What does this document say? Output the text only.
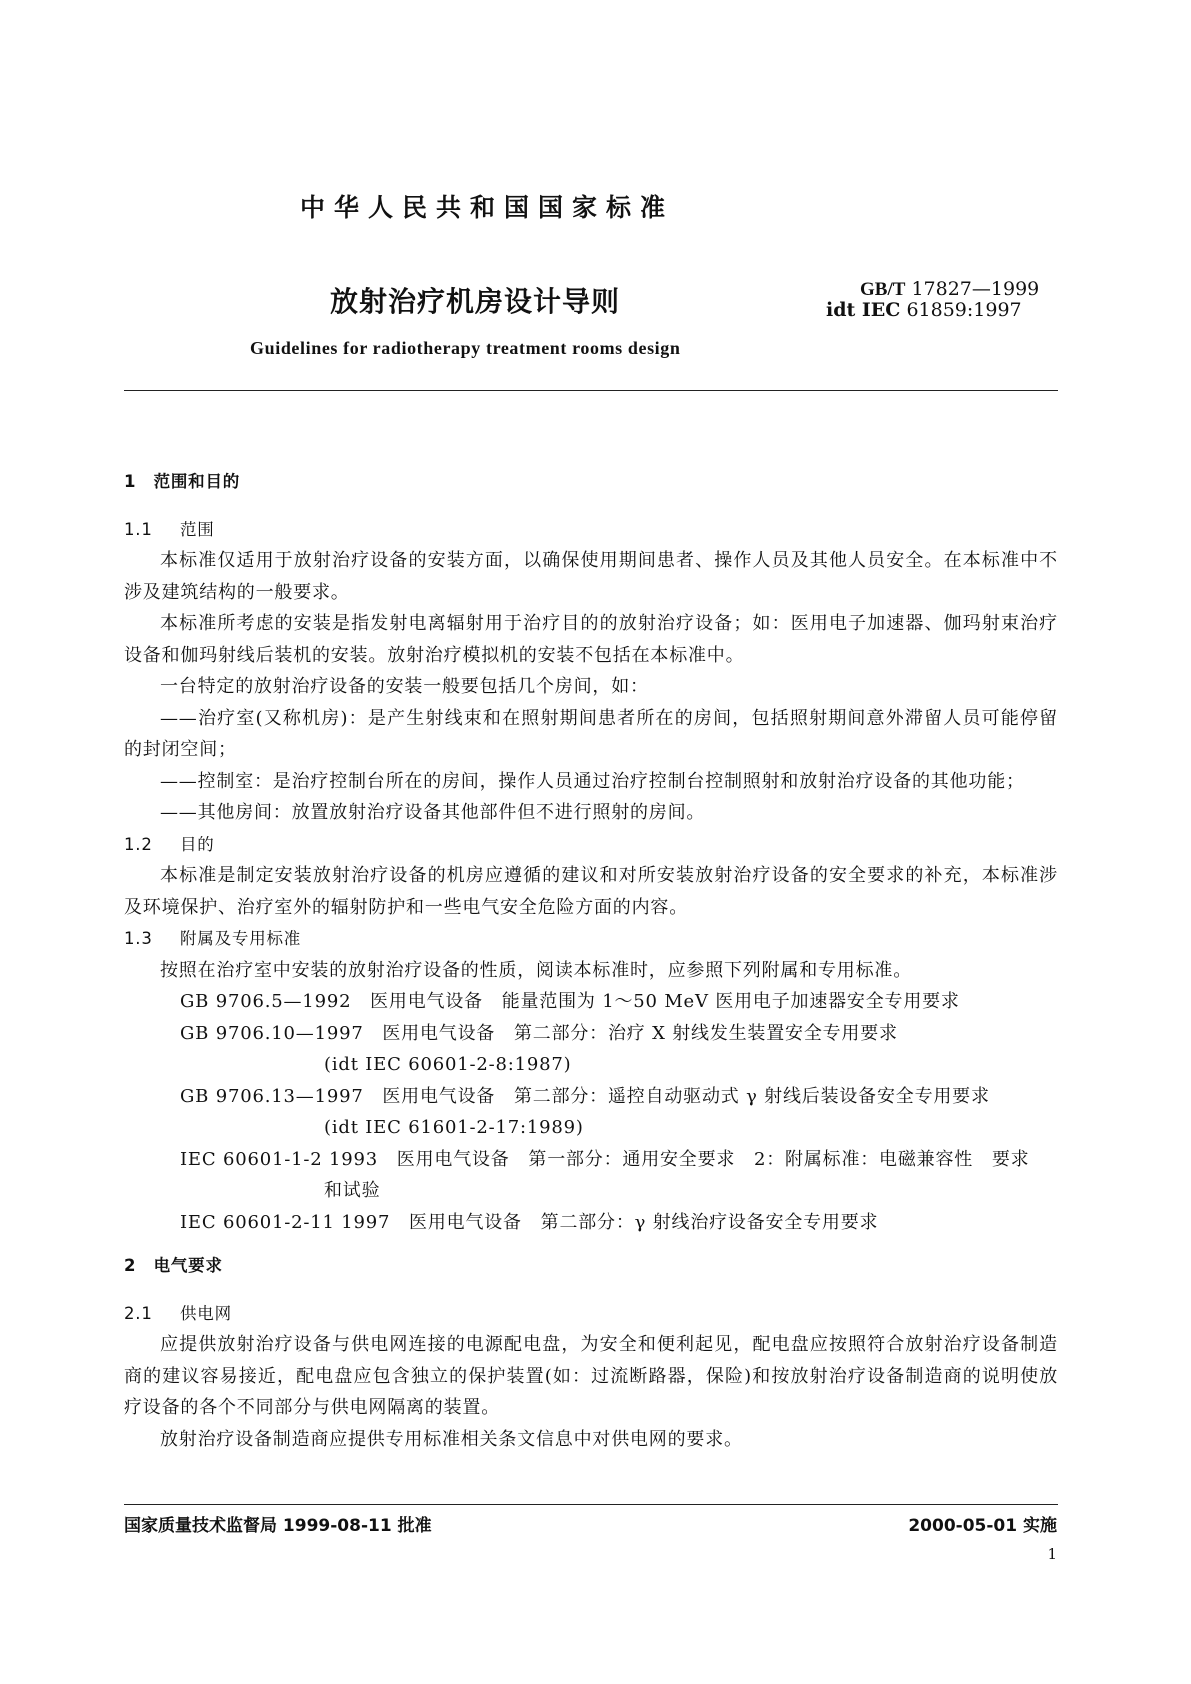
中华人民共和国国家标准
放射治疗机房设计导则	GB/T 17827—1999
idt IEC 61859:1997
Guidelines for radiotherapy treatment rooms design

1　范围和目的

1.1 范围

本标准仅适用于放射治疗设备的安装方面，以确保使用期间患者、操作人员及其他人员安全。在本标准中不涉及建筑结构的一般要求。

本标准所考虑的安装是指发射电离辐射用于治疗目的的放射治疗设备；如：医用电子加速器、伽玛射束治疗设备和伽玛射线后装机的安装。放射治疗模拟机的安装不包括在本标准中。

一台特定的放射治疗设备的安装一般要包括几个房间，如：

——治疗室(又称机房)：是产生射线束和在照射期间患者所在的房间，包括照射期间意外滞留人员可能停留的封闭空间；

——控制室：是治疗控制台所在的房间，操作人员通过治疗控制台控制照射和放射治疗设备的其他功能；

——其他房间：放置放射治疗设备其他部件但不进行照射的房间。

1.2 目的

本标准是制定安装放射治疗设备的机房应遵循的建议和对所安装放射治疗设备的安全要求的补充，本标准涉及环境保护、治疗室外的辐射防护和一些电气安全危险方面的内容。

1.3 附属及专用标准

按照在治疗室中安装的放射治疗设备的性质，阅读本标准时，应参照下列附属和专用标准。

GB 9706.5—1992　医用电气设备　能量范围为 1～50 MeV 医用电子加速器安全专用要求

GB 9706.10—1997　医用电气设备　第二部分：治疗 X 射线发生装置安全专用要求

(idt IEC 60601-2-8:1987)

GB 9706.13—1997　医用电气设备　第二部分：遥控自动驱动式 γ 射线后装设备安全专用要求

(idt IEC 61601-2-17:1989)

IEC 60601-1-2 1993　医用电气设备　第一部分：通用安全要求　2：附属标准：电磁兼容性　要求

和试验

IEC 60601-2-11 1997　医用电气设备　第二部分：γ 射线治疗设备安全专用要求

2　电气要求

2.1 供电网

应提供放射治疗设备与供电网连接的电源配电盘，为安全和便利起见，配电盘应按照符合放射治疗设备制造商的建议容易接近，配电盘应包含独立的保护装置(如：过流断路器，保险)和按放射治疗设备制造商的说明使放疗设备的各个不同部分与供电网隔离的装置。

放射治疗设备制造商应提供专用标准相关条文信息中对供电网的要求。

国家质量技术监督局 1999-08-11 批准	2000-05-01 实施
1
